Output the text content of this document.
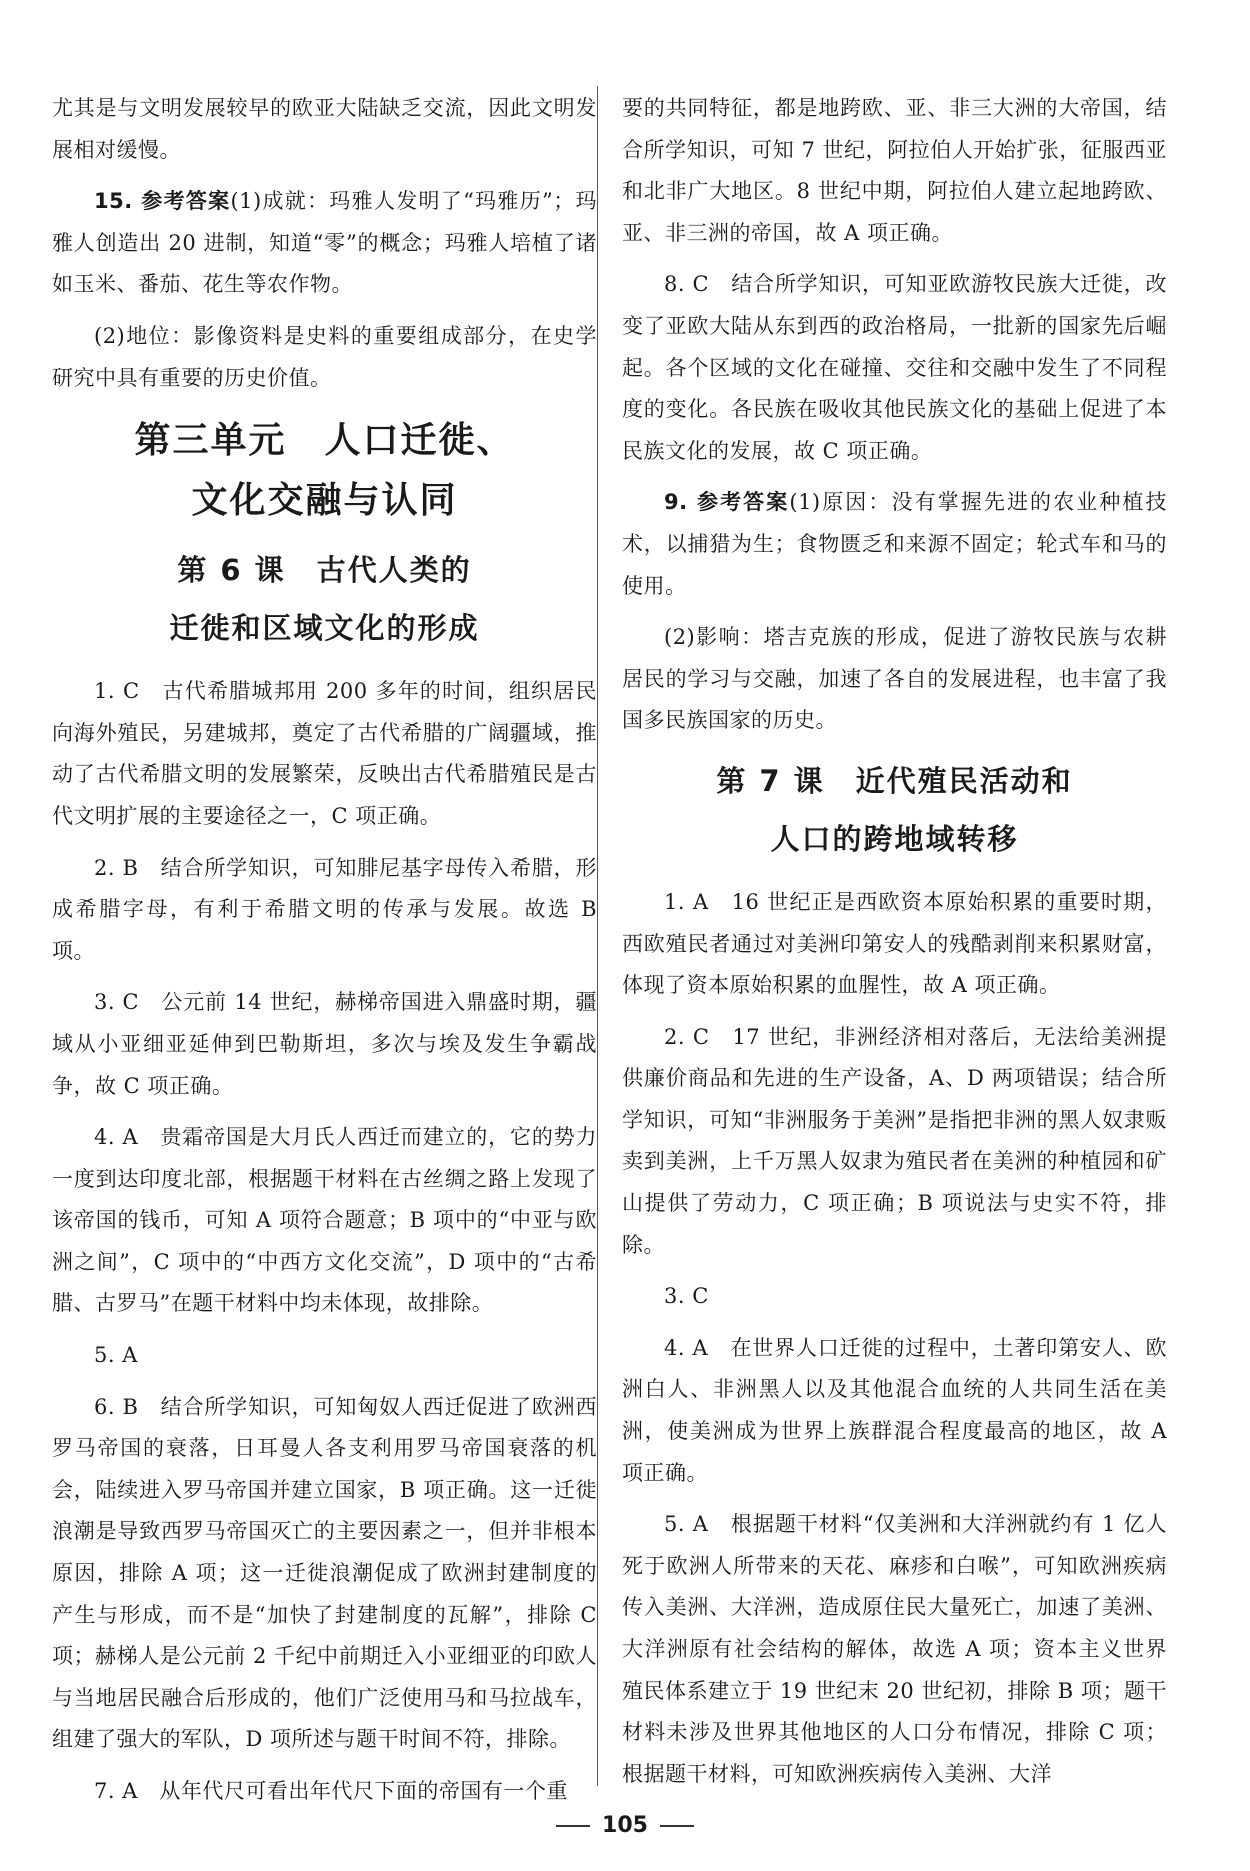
尤其是与文明发展较早的欧亚大陆缺乏交流，因此文明发展相对缓慢。

15. 参考答案(1)成就：玛雅人发明了“玛雅历”；玛雅人创造出 20 进制，知道“零”的概念；玛雅人培植了诸如玉米、番茄、花生等农作物。

(2)地位：影像资料是史料的重要组成部分，在史学研究中具有重要的历史价值。

第三单元　人口迁徙、
文化交融与认同
第 6 课　古代人类的
迁徙和区域文化的形成

1. C　 古代希腊城邦用 200 多年的时间，组织居民向海外殖民，另建城邦，奠定了古代希腊的广阔疆域，推动了古代希腊文明的发展繁荣，反映出古代希腊殖民是古代文明扩展的主要途径之一，C 项正确。

2. B　 结合所学知识，可知腓尼基字母传入希腊，形成希腊字母，有利于希腊文明的传承与发展。故选 B 项。

3. C　 公元前 14 世纪，赫梯帝国进入鼎盛时期，疆域从小亚细亚延伸到巴勒斯坦，多次与埃及发生争霸战争，故 C 项正确。

4. A　 贵霜帝国是大月氏人西迁而建立的，它的势力一度到达印度北部，根据题干材料在古丝绸之路上发现了该帝国的钱币，可知 A 项符合题意；B 项中的“中亚与欧洲之间”，C 项中的“中西方文化交流”，D 项中的“古希腊、古罗马”在题干材料中均未体现，故排除。

5. A

6. B　 结合所学知识，可知匈奴人西迁促进了欧洲西罗马帝国的衰落，日耳曼人各支利用罗马帝国衰落的机会，陆续进入罗马帝国并建立国家，B 项正确。这一迁徙浪潮是导致西罗马帝国灭亡的主要因素之一，但并非根本原因，排除 A 项；这一迁徙浪潮促成了欧洲封建制度的产生与形成，而不是“加快了封建制度的瓦解”，排除 C 项；赫梯人是公元前 2 千纪中前期迁入小亚细亚的印欧人与当地居民融合后形成的，他们广泛使用马和马拉战车，组建了强大的军队，D 项所述与题干时间不符，排除。

7. A　 从年代尺可看出年代尺下面的帝国有一个重

要的共同特征，都是地跨欧、亚、非三大洲的大帝国，结合所学知识，可知 7 世纪，阿拉伯人开始扩张，征服西亚和北非广大地区。8 世纪中期，阿拉伯人建立起地跨欧、亚、非三洲的帝国，故 A 项正确。

8. C　 结合所学知识，可知亚欧游牧民族大迁徙，改变了亚欧大陆从东到西的政治格局，一批新的国家先后崛起。各个区域的文化在碰撞、交往和交融中发生了不同程度的变化。各民族在吸收其他民族文化的基础上促进了本民族文化的发展，故 C 项正确。

9. 参考答案(1)原因：没有掌握先进的农业种植技术，以捕猎为生；食物匮乏和来源不固定；轮式车和马的使用。

(2)影响：塔吉克族的形成，促进了游牧民族与农耕居民的学习与交融，加速了各自的发展进程，也丰富了我国多民族国家的历史。

第 7 课　近代殖民活动和
人口的跨地域转移

1. A　 16 世纪正是西欧资本原始积累的重要时期，西欧殖民者通过对美洲印第安人的残酷剥削来积累财富，体现了资本原始积累的血腥性，故 A 项正确。

2. C　 17 世纪，非洲经济相对落后，无法给美洲提供廉价商品和先进的生产设备，A、D 两项错误；结合所学知识，可知“非洲服务于美洲”是指把非洲的黑人奴隶贩卖到美洲，上千万黑人奴隶为殖民者在美洲的种植园和矿山提供了劳动力，C 项正确；B 项说法与史实不符，排除。

3. C

4. A　 在世界人口迁徙的过程中，土著印第安人、欧洲白人、非洲黑人以及其他混合血统的人共同生活在美洲，使美洲成为世界上族群混合程度最高的地区，故 A 项正确。

5. A　 根据题干材料“仅美洲和大洋洲就约有 1 亿人死于欧洲人所带来的天花、麻疹和白喉”，可知欧洲疾病传入美洲、大洋洲，造成原住民大量死亡，加速了美洲、大洋洲原有社会结构的解体，故选 A 项；资本主义世界殖民体系建立于 19 世纪末 20 世纪初，排除 B 项；题干材料未涉及世界其他地区的人口分布情况，排除 C 项；根据题干材料，可知欧洲疾病传入美洲、大洋

105
